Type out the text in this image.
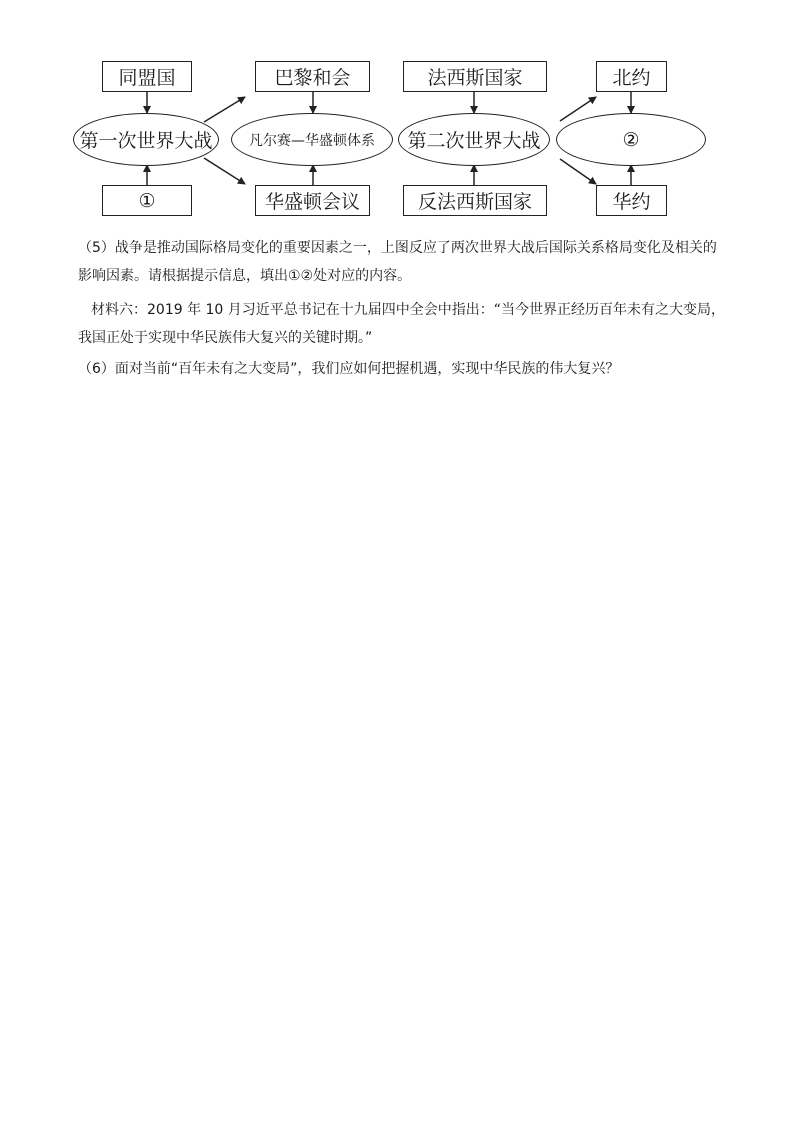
同盟国
第一次世界大战
①
巴黎和会
凡尔赛—华盛顿体系
华盛顿会议
法西斯国家
第二次世界大战
反法西斯国家
北约
②
华约

（5）战争是推动国际格局变化的重要因素之一，上图反应了两次世界大战后国际关系格局变化及相关的

影响因素。请根据提示信息，填出①②处对应的内容。

材料六：2019 年 10 月习近平总书记在十九届四中全会中指出：“当今世界正经历百年未有之大变局，

我国正处于实现中华民族伟大复兴的关键时期。”

（6）面对当前“百年未有之大变局”，我们应如何把握机遇，实现中华民族的伟大复兴？
